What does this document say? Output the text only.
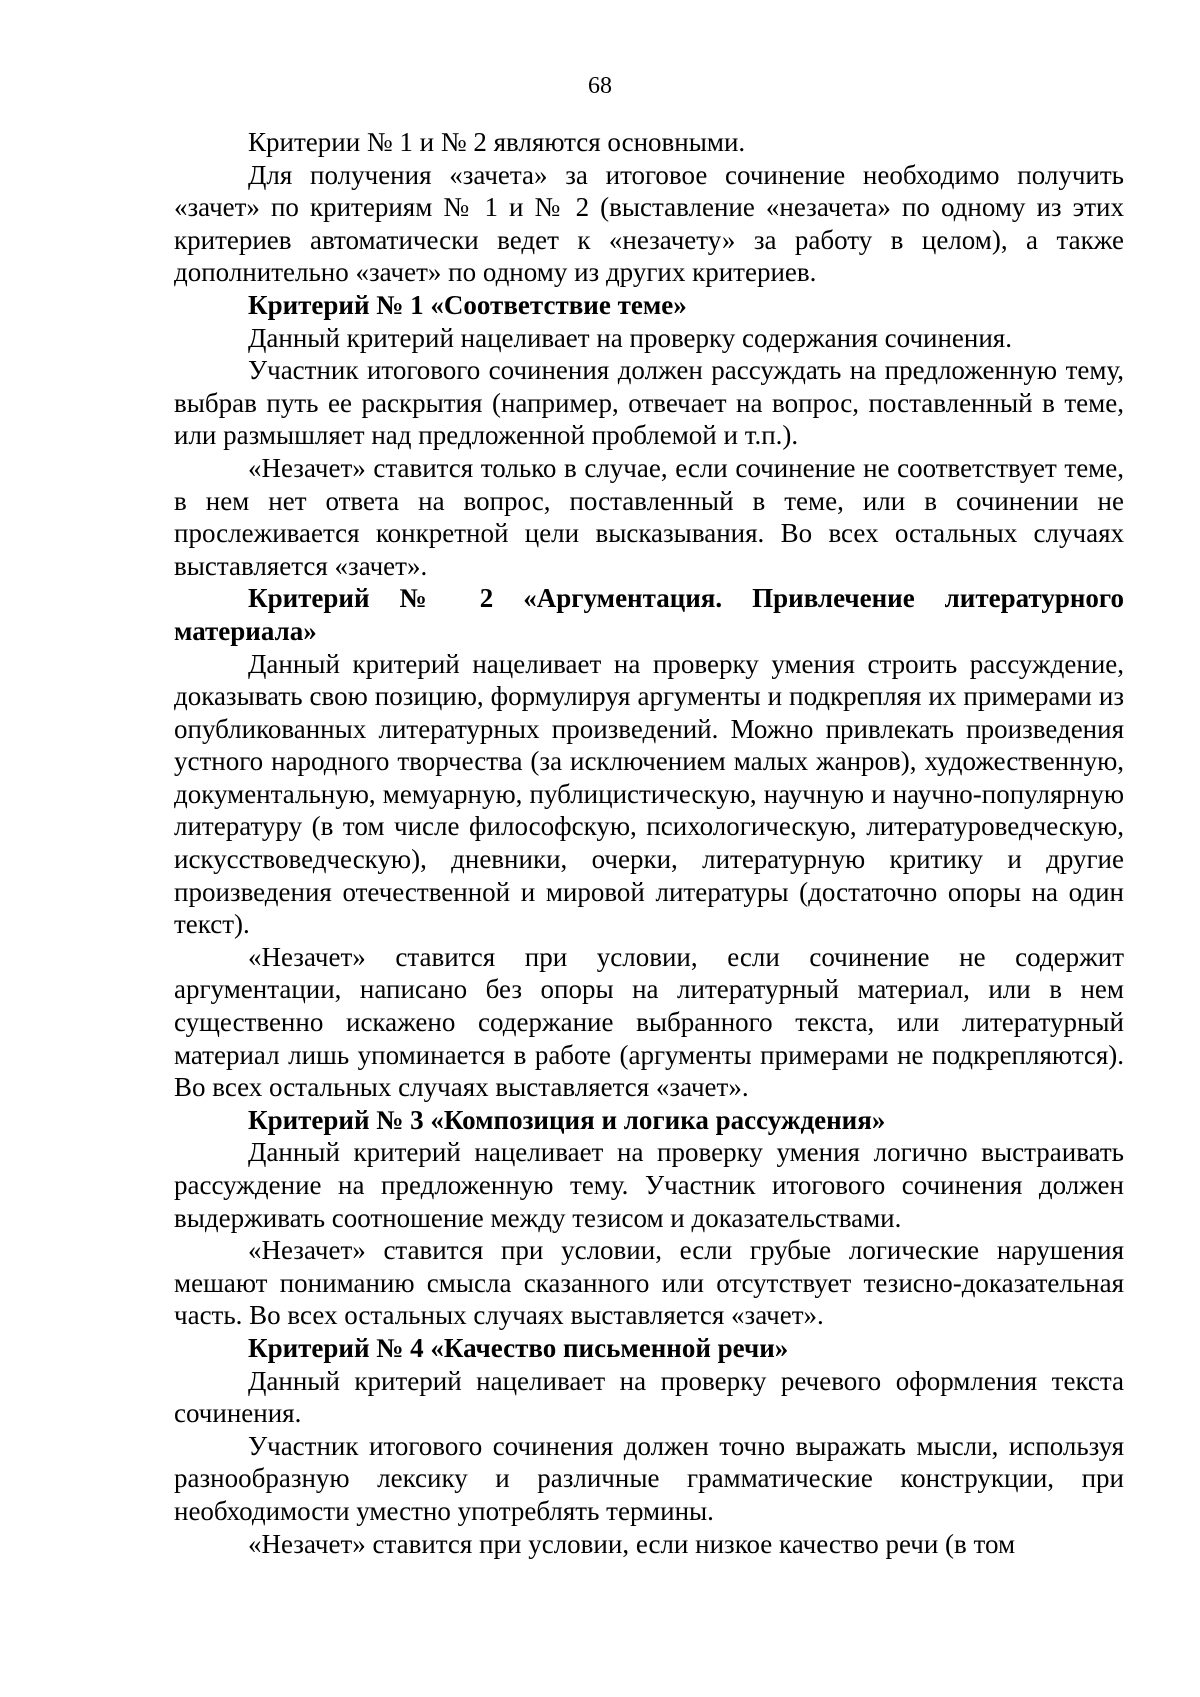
68

Критерии № 1 и № 2 являются основными.

Для получения «зачета» за итоговое сочинение необходимо получить «зачет» по критериям № 1 и № 2 (выставление «незачета» по одному из этих критериев автоматически ведет к «незачету» за работу в целом), а также дополнительно «зачет» по одному из других критериев.

Критерий № 1 «Соответствие теме»

Данный критерий нацеливает на проверку содержания сочинения.

Участник итогового сочинения должен рассуждать на предложенную тему, выбрав путь ее раскрытия (например, отвечает на вопрос, поставленный в теме, или размышляет над предложенной проблемой и т.п.).

«Незачет» ставится только в случае, если сочинение не соответствует теме, в нем нет ответа на вопрос, поставленный в теме, или в сочинении не прослеживается конкретной цели высказывания. Во всех остальных случаях выставляется «зачет».

Критерий № 2 «Аргументация. Привлечение литературного материала»

Данный критерий нацеливает на проверку умения строить рассуждение, доказывать свою позицию, формулируя аргументы и подкрепляя их примерами из опубликованных литературных произведений. Можно привлекать произведения устного народного творчества (за исключением малых жанров), художественную, документальную, мемуарную, публицистическую, научную и научно-популярную литературу (в том числе философскую, психологическую, литературоведческую, искусствоведческую), дневники, очерки, литературную критику и другие произведения отечественной и мировой литературы (достаточно опоры на один текст).

«Незачет» ставится при условии, если сочинение не содержит аргументации, написано без опоры на литературный материал, или в нем существенно искажено содержание выбранного текста, или литературный материал лишь упоминается в работе (аргументы примерами не подкрепляются). Во всех остальных случаях выставляется «зачет».

Критерий № 3 «Композиция и логика рассуждения»

Данный критерий нацеливает на проверку умения логично выстраивать рассуждение на предложенную тему. Участник итогового сочинения должен выдерживать соотношение между тезисом и доказательствами.

«Незачет» ставится при условии, если грубые логические нарушения мешают пониманию смысла сказанного или отсутствует тезисно-доказательная часть. Во всех остальных случаях выставляется «зачет».

Критерий № 4 «Качество письменной речи»

Данный критерий нацеливает на проверку речевого оформления текста сочинения.

Участник итогового сочинения должен точно выражать мысли, используя разнообразную лексику и различные грамматические конструкции, при необходимости уместно употреблять термины.

«Незачет» ставится при условии, если низкое качество речи (в том
